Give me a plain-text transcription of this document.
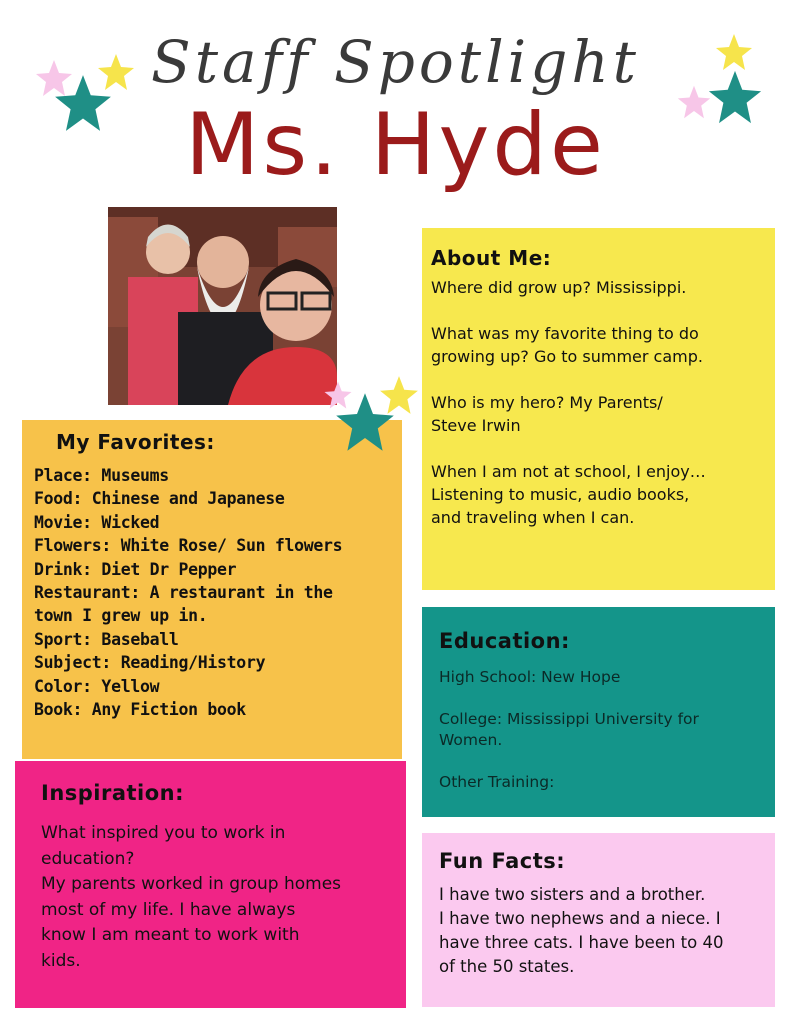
Staff Spotlight
Ms. Hyde
About Me:

Where did grow up? Mississippi.

What was my favorite thing to do

growing up? Go to summer camp.

Who is my hero? My Parents/

Steve Irwin

When I am not at school, I enjoy…

Listening to music, audio books,

and traveling when I can.

My Favorites:
Place: Museums
Food: Chinese and Japanese
Movie: Wicked
Flowers: White Rose/ Sun flowers
Drink: Diet Dr Pepper
Restaurant: A restaurant in the
town I grew up in.
Sport: Baseball
Subject: Reading/History
Color: Yellow
Book: Any Fiction book
Education:

High School: New Hope

College: Mississippi University for

Women.

Other Training:

Inspiration:

What inspired you to work in

education?

My parents worked in group homes

most of my life. I have always

know I am meant to work with

kids.

Fun Facts:

I have two sisters and a brother.

I have two nephews and a niece. I

have three cats. I have been to 40

of the 50 states.
